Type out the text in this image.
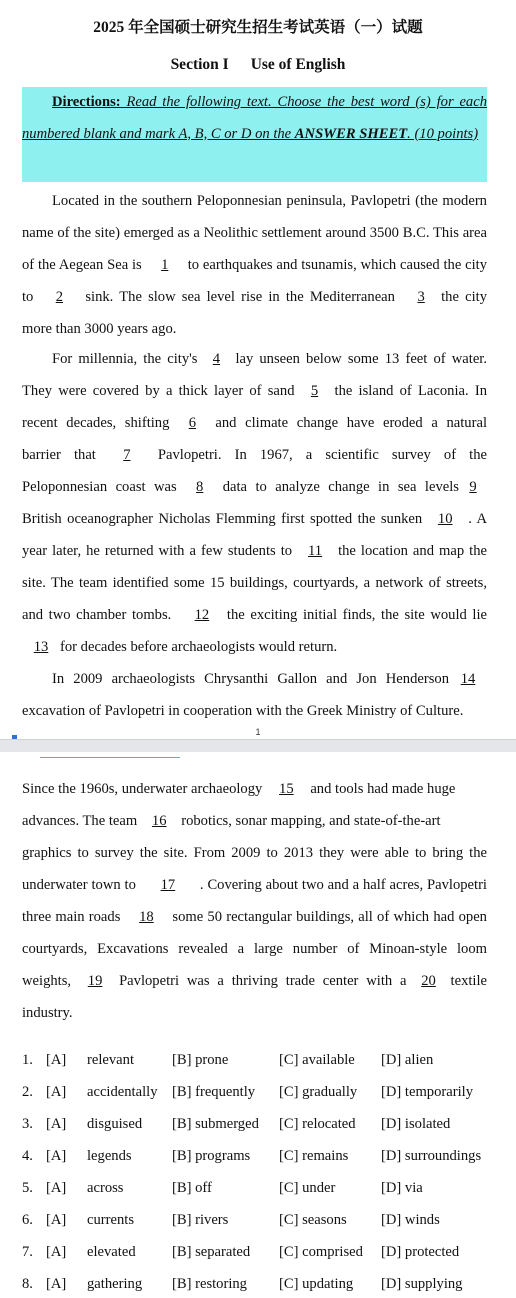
2025 年全国硕士研究生招生考试英语（一）试题
Section I Use of English

Directions: Read the following text. Choose the best word (s) for each numbered blank and mark A, B, C or D on the ANSWER SHEET. (10 points)

Located in the southern Peloponnesian peninsula, Pavlopetri (the modern name of the site) emerged as a Neolithic settlement around 3500 B.C. This area of the Aegean Sea is 1 to earthquakes and tsunamis, which caused the city to 2 sink. The slow sea level rise in the Mediterranean 3 the city more than 3000 years ago.

For millennia, the city's 4 lay unseen below some 13 feet of water. They were covered by a thick layer of sand 5 the island of Laconia. In recent decades, shifting 6 and climate change have eroded a natural barrier that 7 Pavlopetri. In 1967, a scientific survey of the Peloponnesian coast was 8 data to analyze change in sea levels 9 British oceanographer Nicholas Flemming first spotted the sunken 10 . A year later, he returned with a few students to 11 the location and map the site. The team identified some 15 buildings, courtyards, a network of streets, and two chamber tombs. 12 the exciting initial finds, the site would lie13 for decades before archaeologists would return.

In 2009 archaeologists Chrysanthi Gallon and Jon Henderson 14 excavation of Pavlopetri in cooperation with the Greek Ministry of Culture.

1

Since the 1960s, underwater archaeology 15 and tools had made huge
advances. The team 16 robotics, sonar mapping, and state-of-the-art
graphics to survey the site. From 2009 to 2013 they were able to bring the underwater town to 17 . Covering about two and a half acres, Pavlopetri three main roads 18 some 50 rectangular buildings, all of which had open courtyards, Excavations revealed a large number of Minoan-style loom weights, 19 Pavlopetri was a thriving trade center with a 20 textile industry.

1. [A] relevant	[B] prone	[C] available [D] alien
2. [A] accidentally [B] frequently [C] gradually [D] temporarily
3. [A] disguised [B] submerged [C] relocated [D] isolated
4. [A] legends	[B] programs [C] remains [D] surroundings
5. [A] across	[B] off	[C] under	[D] via
6. [A] currents	[B] rivers	[C] seasons [D] winds
7. [A] elevated [B] separated [C] comprised [D] protected
8. [A] gathering [B] restoring [C] updating [D] supplying
